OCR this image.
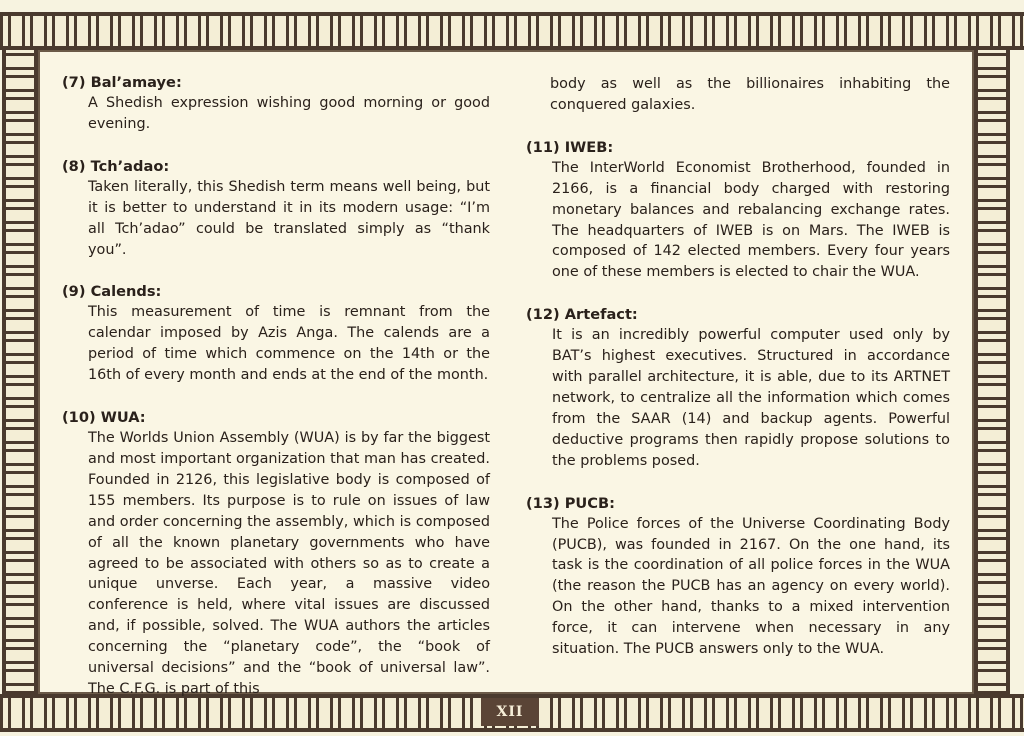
XII
(7) Bal’amaye:

A Shedish expression wishing good morning or good evening.

(8) Tch’adao:

Taken literally, this Shedish term means well being, but it is better to understand it in its modern usage: “I’m all Tch’adao” could be translated simply as “thank you”.

(9) Calends:

This measurement of time is remnant from the calendar imposed by Azis Anga. The calends are a period of time which commence on the 14th or the 16th of every month and ends at the end of the month.

(10) WUA:

The Worlds Union Assembly (WUA) is by far the biggest and most important organization that man has created. Founded in 2126, this legislative body is composed of 155 members. Its purpose is to rule on issues of law and order concerning the assembly, which is composed of all the known planetary governments who have agreed to be associated with others so as to create a unique unverse. Each year, a massive video conference is held, where vital issues are discussed and, if possible, solved. The WUA authors the articles concerning the “planetary code”, the “book of universal decisions” and the “book of universal law”. The C.F.G. is part of this

body as well as the billionaires inhabiting the conquered galaxies.

(11) IWEB:

The InterWorld Economist Brotherhood, founded in 2166, is a financial body charged with restoring monetary balances and rebalancing exchange rates. The headquarters of IWEB is on Mars. The IWEB is composed of 142 elected members. Every four years one of these members is elected to chair the WUA.

(12) Artefact:

It is an incredibly powerful computer used only by BAT’s highest executives. Structured in accordance with parallel architecture, it is able, due to its ARTNET network, to centralize all the information which comes from the SAAR (14) and backup agents. Powerful deductive programs then rapidly propose solutions to the problems posed.

(13) PUCB:

The Police forces of the Universe Coordinating Body (PUCB), was founded in 2167. On the one hand, its task is the coordination of all police forces in the WUA (the reason the PUCB has an agency on every world). On the other hand, thanks to a mixed intervention force, it can intervene when necessary in any situation. The PUCB answers only to the WUA.
